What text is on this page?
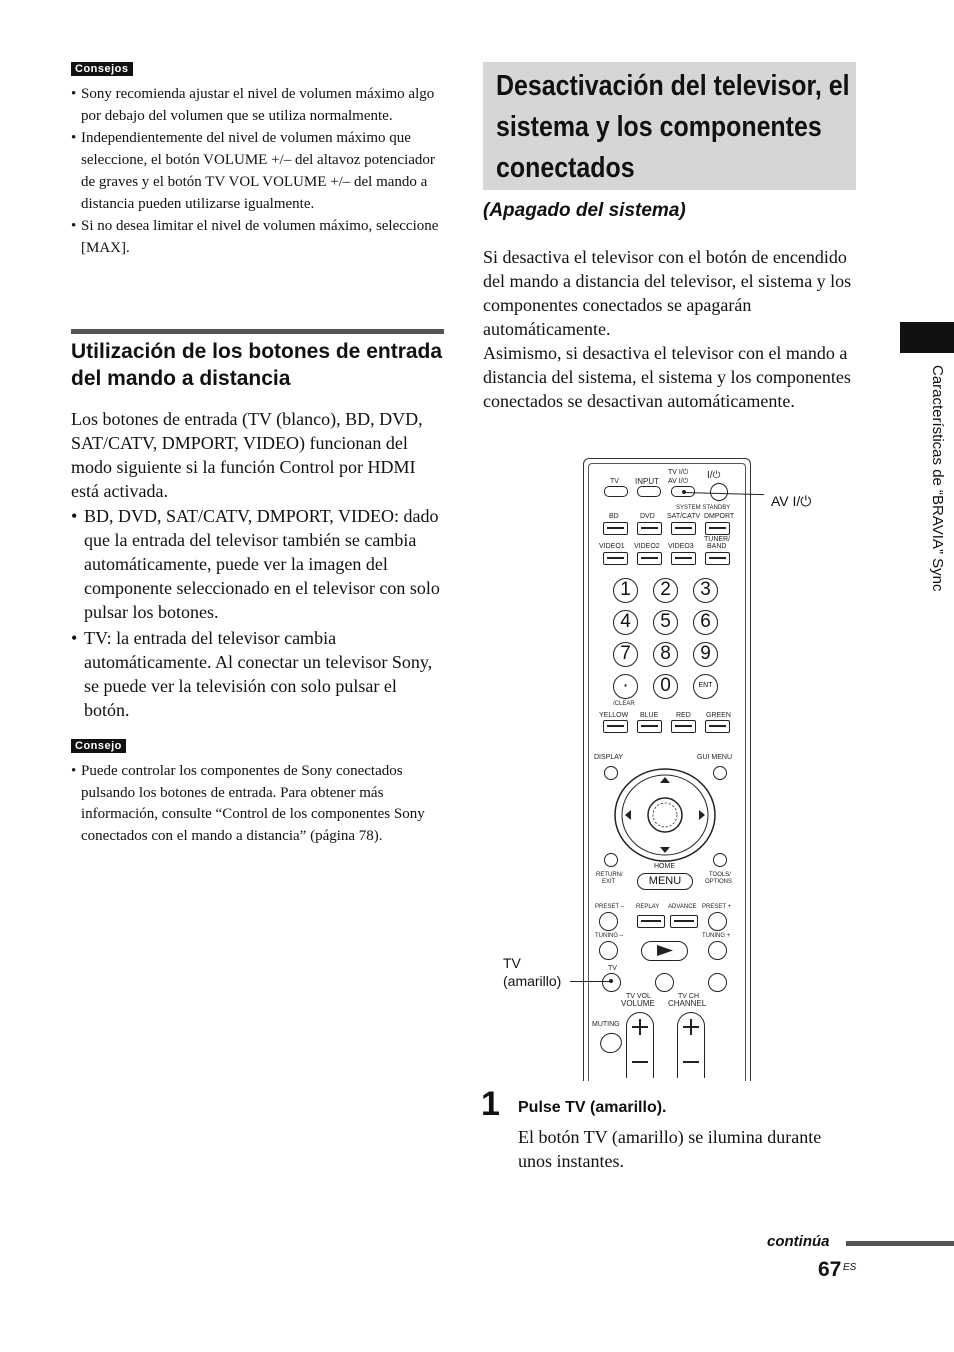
Consejos
• Sony recomienda ajustar el nivel de volumen máximo algo por debajo del volumen que se utiliza normalmente.
• Independientemente del nivel de volumen máximo que seleccione, el botón VOLUME +/– del altavoz potenciador de graves y el botón TV VOL VOLUME +/– del mando a distancia pueden utilizarse igualmente.
• Si no desea limitar el nivel de volumen máximo, seleccione [MAX].
Utilización de los botones de entrada del mando a distancia
Los botones de entrada (TV (blanco), BD, DVD, SAT/CATV, DMPORT, VIDEO) funcionan del modo siguiente si la función Control por HDMI está activada.
• BD, DVD, SAT/CATV, DMPORT, VIDEO: dado que la entrada del televisor también se cambia automáticamente, puede ver la imagen del componente seleccionado en el televisor con solo pulsar los botones.
• TV: la entrada del televisor cambia automáticamente. Al conectar un televisor Sony, se puede ver la televisión con solo pulsar el botón.
Consejo
• Puede controlar los componentes de Sony conectados pulsando los botones de entrada. Para obtener más información, consulte “Control de los componentes Sony conectados con el mando a distancia” (página 78).
Desactivación del televisor, el sistema y los componentes conectados
(Apagado del sistema)
Si desactiva el televisor con el botón de encendido del mando a distancia del televisor, el sistema y los componentes conectados se apagarán automáticamente.
Asimismo, si desactiva el televisor con el mando a distancia del sistema, el sistema y los componentes conectados se desactivan automáticamente.
TV INPUT
TV I/⏻
AV I/⏻
I/⏻
BD	DVD
SYSTEM STANDBY
SAT/CATV DMPORT
VIDEO1 VIDEO2 VIDEO3
TUNER/
BAND
1	2	3
4	5	6
7	8	9
·	0	ENT
/CLEAR
YELLOW BLUE	RED GREEN
DISPLAY	GUI MENU
HOME
RETURN/
EXIT
TOOLS/
OPTIONS
MENU
PRESET – REPLAY ADVANCE PRESET +
TUNING –	TUNING +
TV
TV VOL
VOLUME
TV CH
CHANNEL
MUTING
AV I/⏻
TV
(amarillo)
1 Pulse TV (amarillo).
El botón TV (amarillo) se ilumina durante unos instantes.
Características de “BRAVIA” Sync
continúa
67 ES
